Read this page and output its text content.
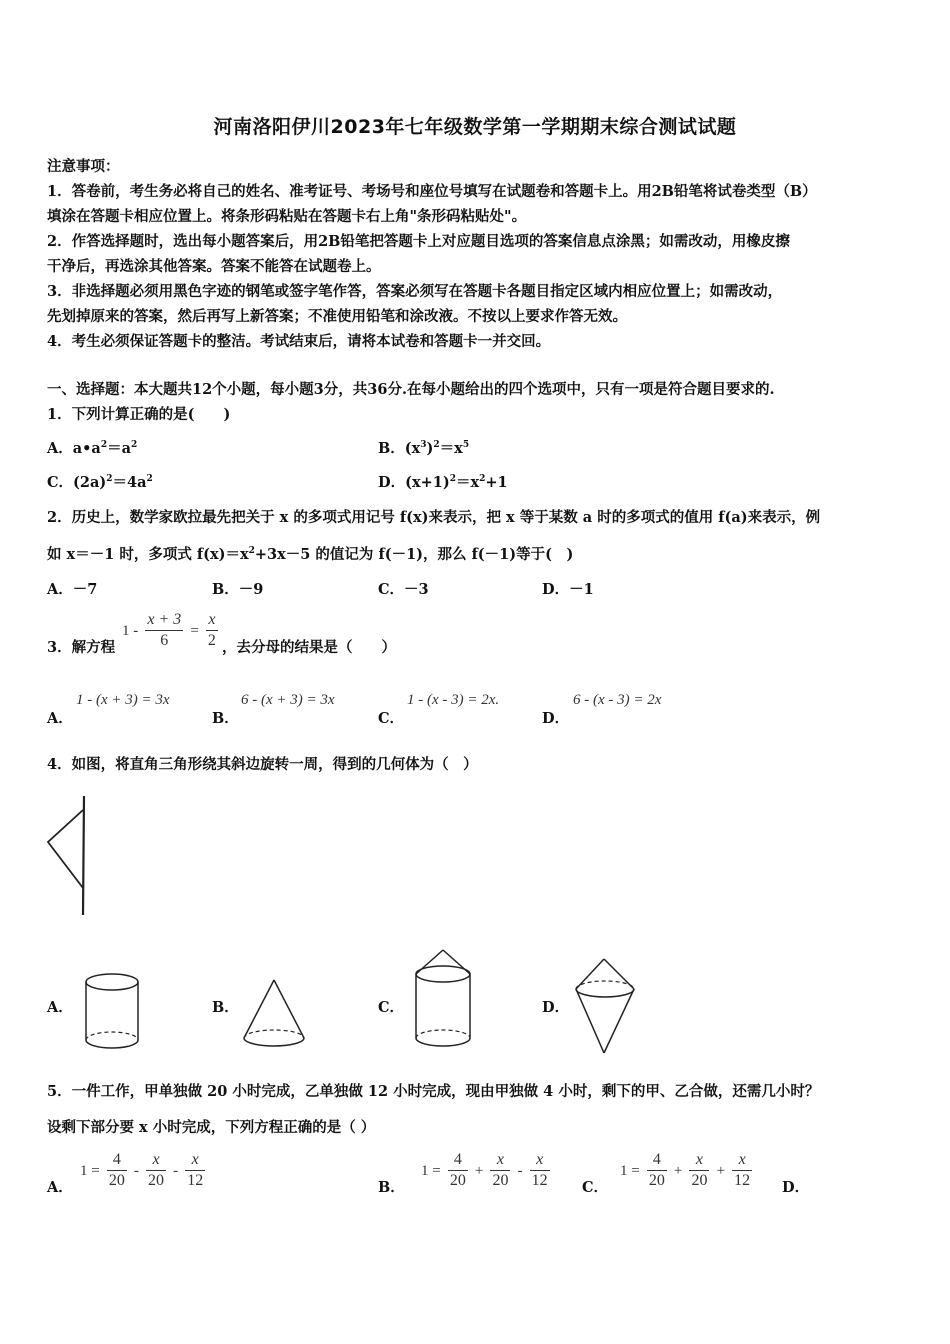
河南洛阳伊川2023年七年级数学第一学期期末综合测试试题
注意事项：
1．答卷前，考生务必将自己的姓名、准考证号、考场号和座位号填写在试题卷和答题卡上。用2B铅笔将试卷类型（B）
填涂在答题卡相应位置上。将条形码粘贴在答题卡右上角"条形码粘贴处"。
2．作答选择题时，选出每小题答案后，用2B铅笔把答题卡上对应题目选项的答案信息点涂黑；如需改动，用橡皮擦
干净后，再选涂其他答案。答案不能答在试题卷上。
3．非选择题必须用黑色字迹的钢笔或签字笔作答，答案必须写在答题卡各题目指定区域内相应位置上；如需改动，
先划掉原来的答案，然后再写上新答案；不准使用铅笔和涂改液。不按以上要求作答无效。
4．考生必须保证答题卡的整洁。考试结束后，请将本试卷和答题卡一并交回。
一、选择题：本大题共12个小题，每小题3分，共36分.在每小题给出的四个选项中，只有一项是符合题目要求的.
1．下列计算正确的是(　　)
A．$a•a^2=a^2$	B．$(x^3)^2=x^5$
C．$(2a)^2=4a^2$	D．$(x+1)^2=x^2+1$
2．历史上，数学家欧拉最先把关于 x 的多项式用记号 f(x)来表示，把 x 等于某数 a 时的多项式的值用 f(a)来表示，例
如 x＝－1 时，多项式 $f(x)=x^2+3x-5$ 的值记为 f(－1)，那么 f(－1)等于(　)
A．－7	B．－9	C．－3	D．－1
3．解方程
$1 - \frac{x + 3}{6} = \frac{x}{2}$ ，去分母的结果是（　　）
A．
1 - (x + 3) = 3x
B．
6 - (x + 3) = 3x
C．
1 - (x - 3) = 2x.
D．
6 - (x - 3) = 2x
4．如图，将直角三角形绕其斜边旋转一周，得到的几何体为（　）
A．	B．	C．	D．
5．一件工作，甲单独做 20 小时完成，乙单独做 12 小时完成，现由甲独做 4 小时，剩下的甲、乙合做，还需几小时？
设剩下部分要 x 小时完成，下列方程正确的是（ ）
A．
$1 = \frac{4}{20} - \frac{x}{20} - \frac{x}{12}$	B．
$1 = \frac{4}{20} + \frac{x}{20} - \frac{x}{12}$ C．
$1 = \frac{4}{20} + \frac{x}{20} + \frac{x}{12}$ D．
